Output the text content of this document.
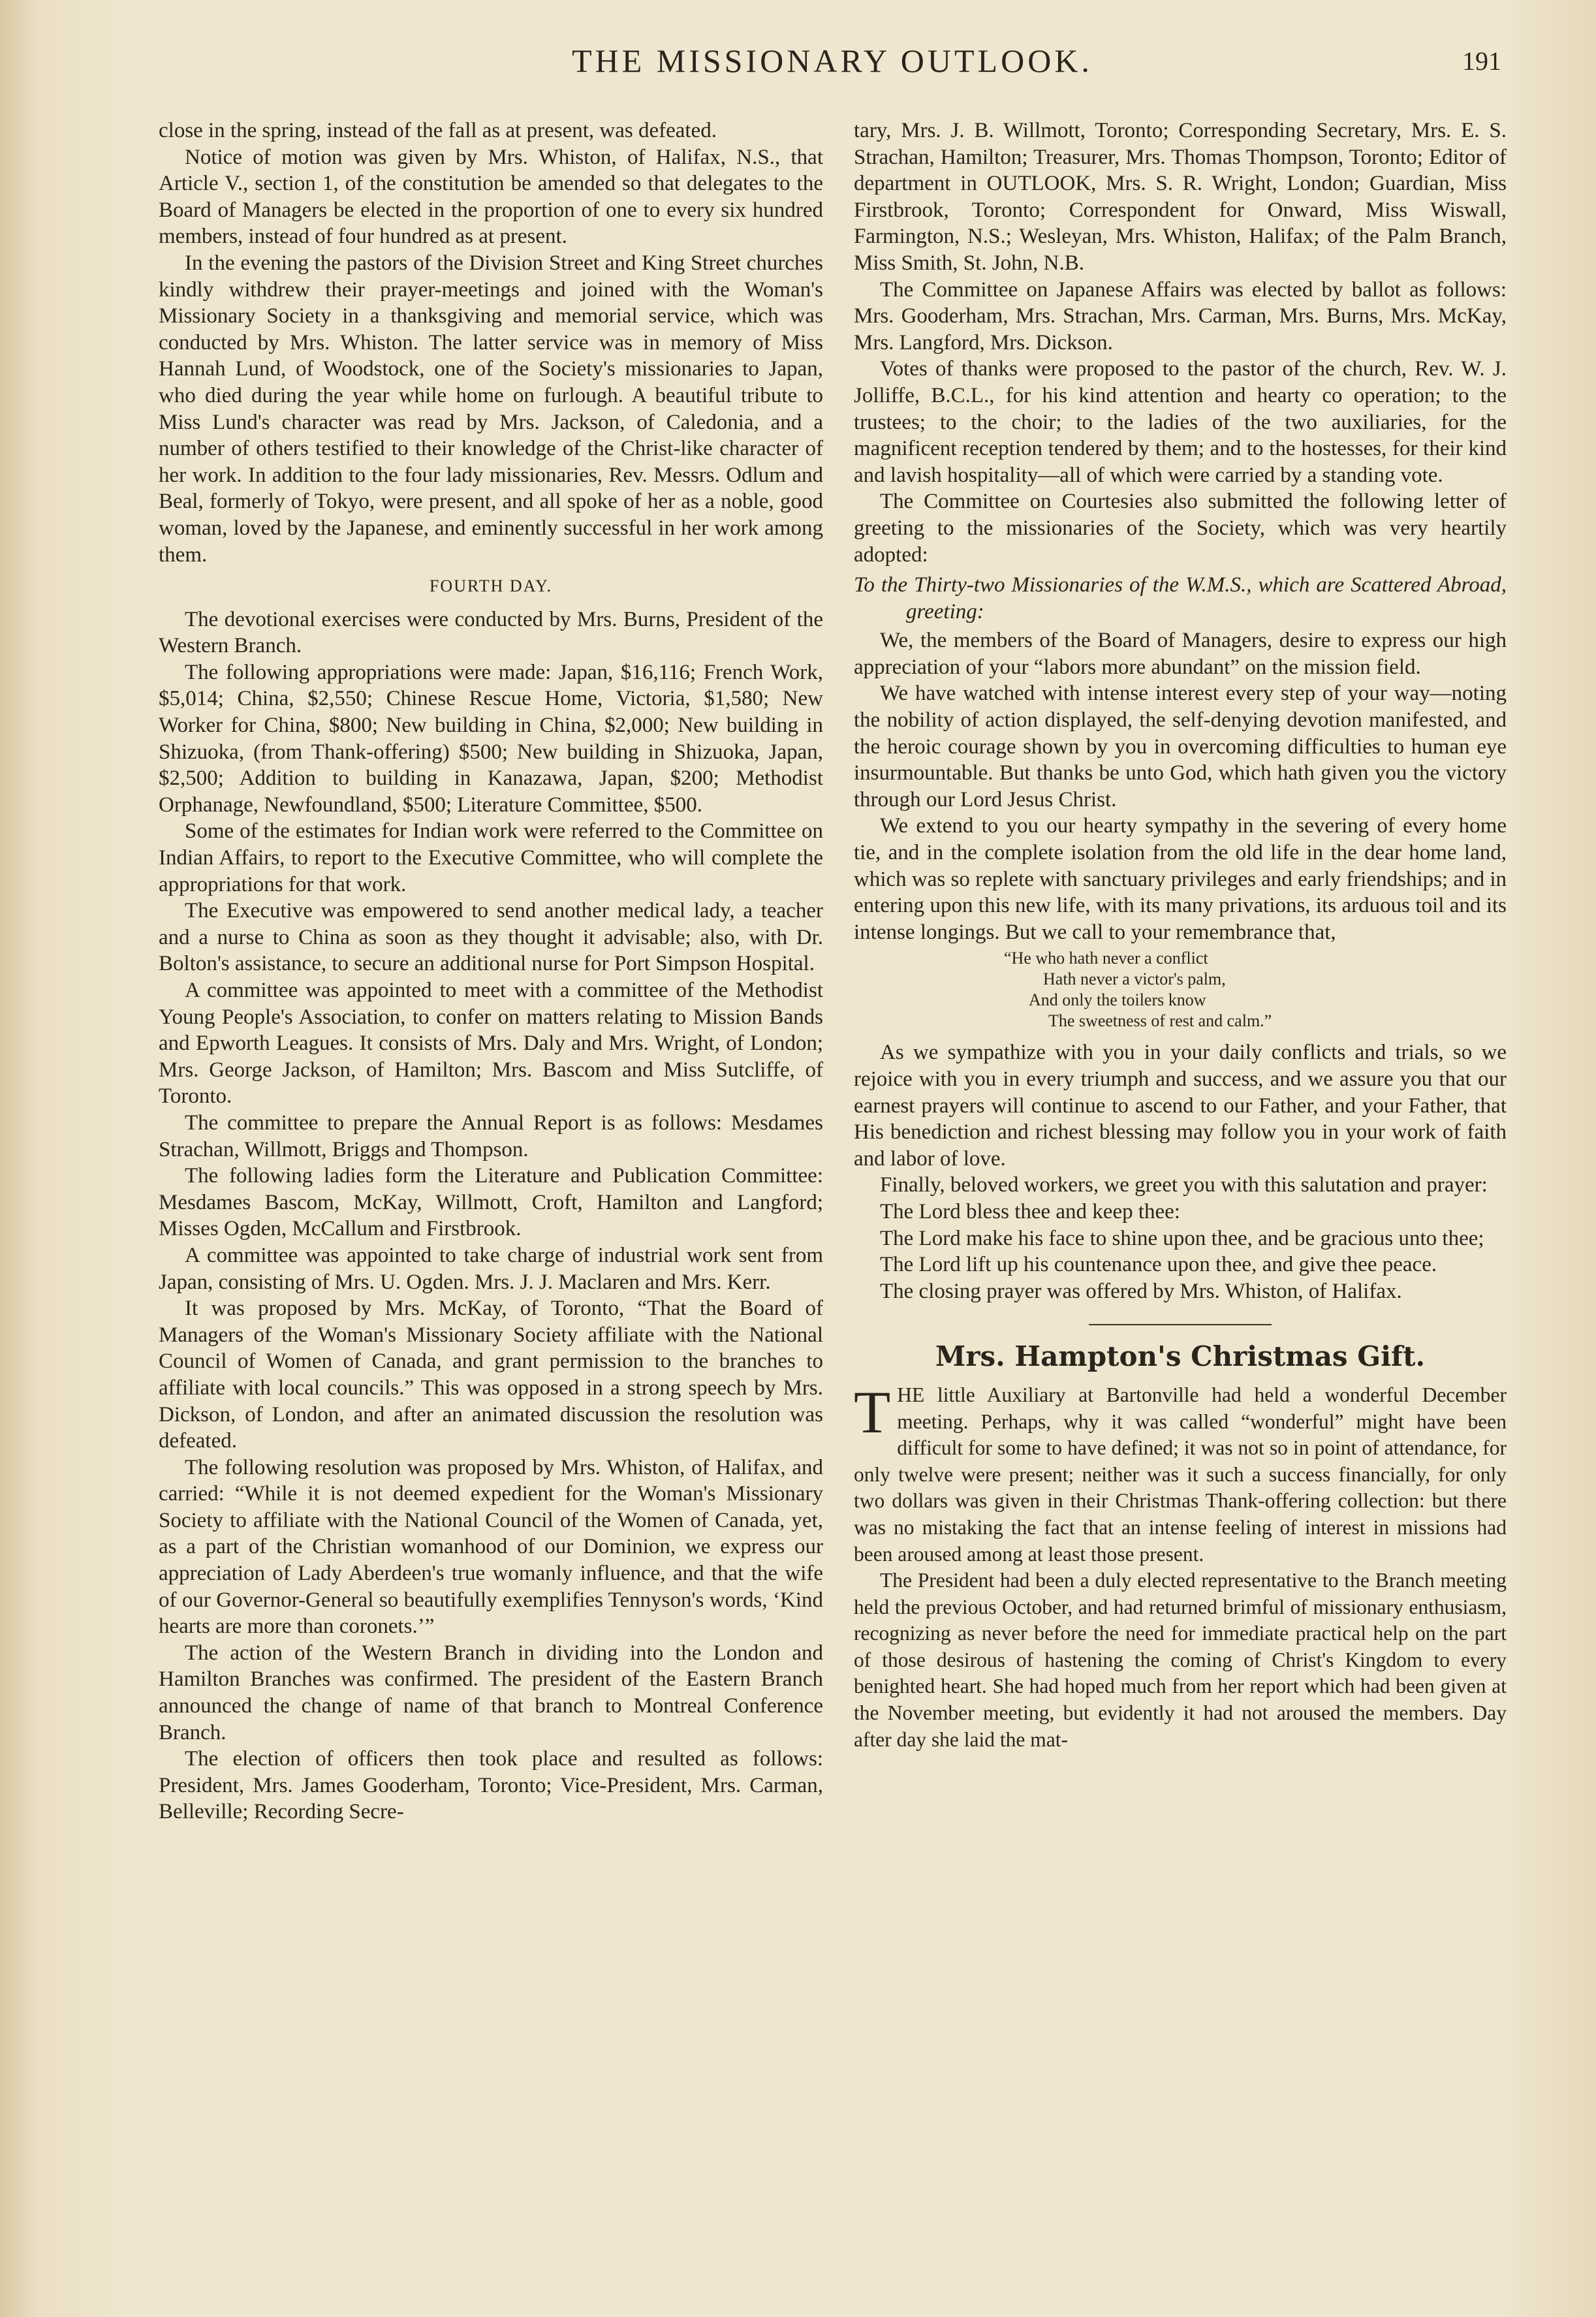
THE MISSIONARY OUTLOOK.	191

close in the spring, instead of the fall as at present, was defeated.

Notice of motion was given by Mrs. Whiston, of Halifax, N.S., that Article V., section 1, of the constitution be amended so that delegates to the Board of Managers be elected in the proportion of one to every six hundred members, instead of four hundred as at present.

In the evening the pastors of the Division Street and King Street churches kindly withdrew their prayer-meetings and joined with the Woman's Missionary Society in a thanksgiving and memorial service, which was conducted by Mrs. Whiston. The latter service was in memory of Miss Hannah Lund, of Woodstock, one of the Society's missionaries to Japan, who died during the year while home on furlough. A beautiful tribute to Miss Lund's character was read by Mrs. Jackson, of Caledonia, and a number of others testified to their knowledge of the Christ-like character of her work. In addition to the four lady missionaries, Rev. Messrs. Odlum and Beal, formerly of Tokyo, were present, and all spoke of her as a noble, good woman, loved by the Japanese, and eminently successful in her work among them.

FOURTH DAY.

The devotional exercises were conducted by Mrs. Burns, President of the Western Branch.

The following appropriations were made: Japan, $16,116; French Work, $5,014; China, $2,550; Chinese Rescue Home, Victoria, $1,580; New Worker for China, $800; New building in China, $2,000; New building in Shizuoka, (from Thank-offering) $500; New building in Shizuoka, Japan, $2,500; Addition to building in Kanazawa, Japan, $200; Methodist Orphanage, Newfoundland, $500; Literature Committee, $500.

Some of the estimates for Indian work were referred to the Committee on Indian Affairs, to report to the Executive Committee, who will complete the appropriations for that work.

The Executive was empowered to send another medical lady, a teacher and a nurse to China as soon as they thought it advisable; also, with Dr. Bolton's assistance, to secure an additional nurse for Port Simpson Hospital.

A committee was appointed to meet with a committee of the Methodist Young People's Association, to confer on matters relating to Mission Bands and Epworth Leagues. It consists of Mrs. Daly and Mrs. Wright, of London; Mrs. George Jackson, of Hamilton; Mrs. Bascom and Miss Sutcliffe, of Toronto.

The committee to prepare the Annual Report is as follows: Mesdames Strachan, Willmott, Briggs and Thompson.

The following ladies form the Literature and Publication Committee: Mesdames Bascom, McKay, Willmott, Croft, Hamilton and Langford; Misses Ogden, McCallum and Firstbrook.

A committee was appointed to take charge of industrial work sent from Japan, consisting of Mrs. U. Ogden. Mrs. J. J. Maclaren and Mrs. Kerr.

It was proposed by Mrs. McKay, of Toronto, “That the Board of Managers of the Woman's Missionary Society affiliate with the National Council of Women of Canada, and grant permission to the branches to affiliate with local councils.” This was opposed in a strong speech by Mrs. Dickson, of London, and after an animated discussion the resolution was defeated.

The following resolution was proposed by Mrs. Whiston, of Halifax, and carried: “While it is not deemed expedient for the Woman's Missionary Society to affiliate with the National Council of the Women of Canada, yet, as a part of the Christian womanhood of our Dominion, we express our appreciation of Lady Aberdeen's true womanly influence, and that the wife of our Governor-General so beautifully exemplifies Tennyson's words, ‘Kind hearts are more than coronets.’”

The action of the Western Branch in dividing into the London and Hamilton Branches was confirmed. The president of the Eastern Branch announced the change of name of that branch to Montreal Conference Branch.

The election of officers then took place and resulted as follows: President, Mrs. James Gooderham, Toronto; Vice-President, Mrs. Carman, Belleville; Recording Secre-

tary, Mrs. J. B. Willmott, Toronto; Corresponding Secretary, Mrs. E. S. Strachan, Hamilton; Treasurer, Mrs. Thomas Thompson, Toronto; Editor of department in OUTLOOK, Mrs. S. R. Wright, London; Guardian, Miss Firstbrook, Toronto; Correspondent for Onward, Miss Wiswall, Farmington, N.S.; Wesleyan, Mrs. Whiston, Halifax; of the Palm Branch, Miss Smith, St. John, N.B.

The Committee on Japanese Affairs was elected by ballot as follows: Mrs. Gooderham, Mrs. Strachan, Mrs. Carman, Mrs. Burns, Mrs. McKay, Mrs. Langford, Mrs. Dickson.

Votes of thanks were proposed to the pastor of the church, Rev. W. J. Jolliffe, B.C.L., for his kind attention and hearty co operation; to the trustees; to the choir; to the ladies of the two auxiliaries, for the magnificent reception tendered by them; and to the hostesses, for their kind and lavish hospitality—all of which were carried by a standing vote.

The Committee on Courtesies also submitted the following letter of greeting to the missionaries of the Society, which was very heartily adopted:

To the Thirty-two Missionaries of the W.M.S., which are Scattered Abroad, greeting:

We, the members of the Board of Managers, desire to express our high appreciation of your “labors more abundant” on the mission field.

We have watched with intense interest every step of your way—noting the nobility of action displayed, the self-denying devotion manifested, and the heroic courage shown by you in overcoming difficulties to human eye insurmountable. But thanks be unto God, which hath given you the victory through our Lord Jesus Christ.

We extend to you our hearty sympathy in the severing of every home tie, and in the complete isolation from the old life in the dear home land, which was so replete with sanctuary privileges and early friendships; and in entering upon this new life, with its many privations, its arduous toil and its intense longings. But we call to your remembrance that,

“He who hath never a conflict
Hath never a victor's palm,
And only the toilers know
The sweetness of rest and calm.”

As we sympathize with you in your daily conflicts and trials, so we rejoice with you in every triumph and success, and we assure you that our earnest prayers will continue to ascend to our Father, and your Father, that His benediction and richest blessing may follow you in your work of faith and labor of love.

Finally, beloved workers, we greet you with this salutation and prayer:

The Lord bless thee and keep thee:

The Lord make his face to shine upon thee, and be gracious unto thee;

The Lord lift up his countenance upon thee, and give thee peace.

The closing prayer was offered by Mrs. Whiston, of Halifax.

Mrs. Hampton's Christmas Gift.

THE little Auxiliary at Bartonville had held a wonderful December meeting. Perhaps, why it was called “wonderful” might have been difficult for some to have defined; it was not so in point of attendance, for only twelve were present; neither was it such a success financially, for only two dollars was given in their Christmas Thank-offering collection: but there was no mistaking the fact that an intense feeling of interest in missions had been aroused among at least those present.

The President had been a duly elected representative to the Branch meeting held the previous October, and had returned brimful of missionary enthusiasm, recognizing as never before the need for immediate practical help on the part of those desirous of hastening the coming of Christ's Kingdom to every benighted heart. She had hoped much from her report which had been given at the November meeting, but evidently it had not aroused the members. Day after day she laid the mat-
